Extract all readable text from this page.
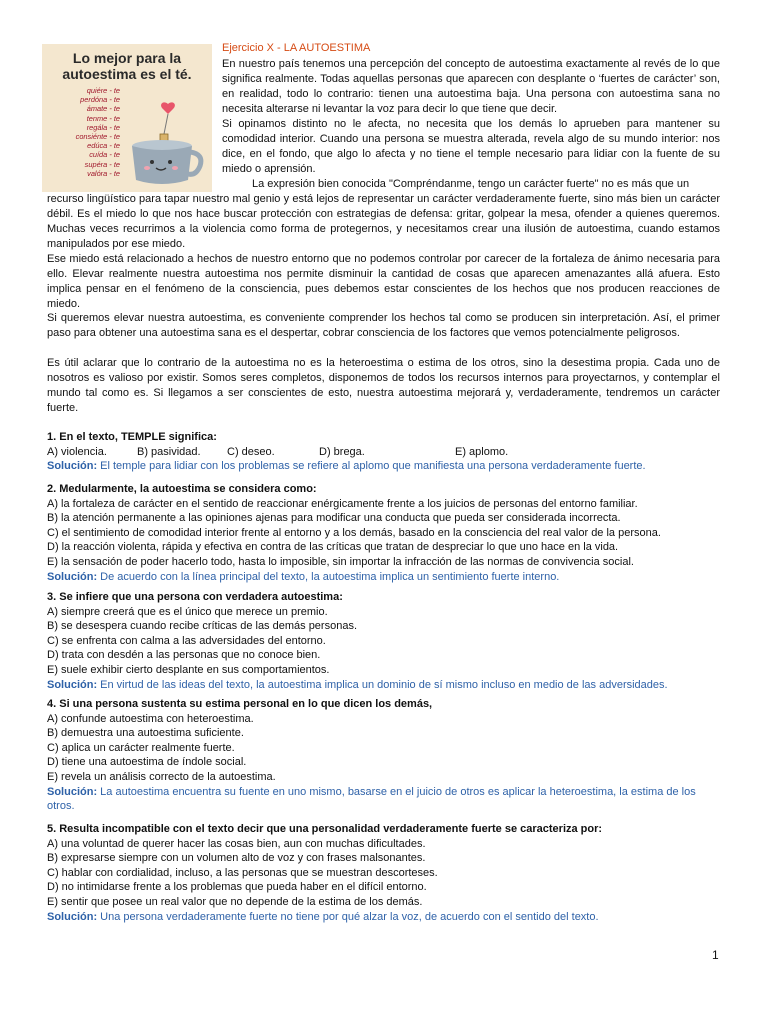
Lo mejor para la autoestima es el té.
quiére - te
perdóna - te
ámate - te
tenme - te
regála - te
consiénte - te
edúca - te
cuída - te
supéra - te
valóra - te
Ejercicio X - LA AUTOESTIMA
En nuestro país tenemos una percepción del concepto de autoestima exactamente al revés de lo que significa realmente. Todas aquellas personas que aparecen con desplante o ‘fuertes de carácter’ son, en realidad, todo lo contrario: tienen una autoestima baja. Una persona con autoestima sana no necesita alterarse ni levantar la voz para decir lo que tiene que decir.
Si opinamos distinto no le afecta, no necesita que los demás lo aprueben para mantener su comodidad interior. Cuando una persona se muestra alterada, revela algo de su mundo interior: nos dice, en el fondo, que algo lo afecta y no tiene el temple necesario para lidiar con la fuente de su miedo o aprensión.
La expresión bien conocida "Compréndanme, tengo un carácter fuerte" no es más que un
recurso lingüístico para tapar nuestro mal genio y está lejos de representar un carácter verdaderamente fuerte, sino más bien un carácter débil. Es el miedo lo que nos hace buscar protección con estrategias de defensa: gritar, golpear la mesa, ofender a quienes queremos. Muchas veces recurrimos a la violencia como forma de protegernos, y necesitamos crear una ilusión de autoestima, cuando estamos manipulados por ese miedo.
Ese miedo está relacionado a hechos de nuestro entorno que no podemos controlar por carecer de la fortaleza de ánimo necesaria para ello. Elevar realmente nuestra autoestima nos permite disminuir la cantidad de cosas que aparecen amenazantes allá afuera. Esto implica pensar en el fenómeno de la consciencia, pues debemos estar conscientes de los hechos que nos producen reacciones de miedo.
Si queremos elevar nuestra autoestima, es conveniente comprender los hechos tal como se producen sin interpretación. Así, el primer paso para obtener una autoestima sana es el despertar, cobrar consciencia de los factores que vemos potencialmente peligrosos.
Es útil aclarar que lo contrario de la autoestima no es la heteroestima o estima de los otros, sino la desestima propia. Cada uno de nosotros es valioso por existir. Somos seres completos, disponemos de todos los recursos internos para proyectarnos, y contemplar el mundo tal como es. Si llegamos a ser conscientes de esto, nuestra autoestima mejorará y, verdaderamente, tendremos un carácter fuerte.
1. En el texto, TEMPLE significa:
A) violencia.	B) pasividad. C) deseo.	D) brega.	E) aplomo.
Solución: El temple para lidiar con los problemas se refiere al aplomo que manifiesta una persona verdaderamente fuerte.
2. Medularmente, la autoestima se considera como:
A) la fortaleza de carácter en el sentido de reaccionar enérgicamente frente a los juicios de personas del entorno familiar.
B) la atención permanente a las opiniones ajenas para modificar una conducta que pueda ser considerada incorrecta.
C) el sentimiento de comodidad interior frente al entorno y a los demás, basado en la consciencia del real valor de la persona.
D) la reacción violenta, rápida y efectiva en contra de las críticas que tratan de despreciar lo que uno hace en la vida.
E) la sensación de poder hacerlo todo, hasta lo imposible, sin importar la infracción de las normas de convivencia social.
Solución: De acuerdo con la línea principal del texto, la autoestima implica un sentimiento fuerte interno.
3. Se infiere que una persona con verdadera autoestima:
A) siempre creerá que es el único que merece un premio.
B) se desespera cuando recibe críticas de las demás personas.
C) se enfrenta con calma a las adversidades del entorno.
D) trata con desdén a las personas que no conoce bien.
E) suele exhibir cierto desplante en sus comportamientos.
Solución: En virtud de las ideas del texto, la autoestima implica un dominio de sí mismo incluso en medio de las adversidades.
4. Si una persona sustenta su estima personal en lo que dicen los demás,
A) confunde autoestima con heteroestima.
B) demuestra una autoestima suficiente.
C) aplica un carácter realmente fuerte.
D) tiene una autoestima de índole social.
E) revela un análisis correcto de la autoestima.
Solución: La autoestima encuentra su fuente en uno mismo, basarse en el juicio de otros es aplicar la heteroestima, la estima de los otros.
5. Resulta incompatible con el texto decir que una personalidad verdaderamente fuerte se caracteriza por:
A) una voluntad de querer hacer las cosas bien, aun con muchas dificultades.
B) expresarse siempre con un volumen alto de voz y con frases malsonantes.
C) hablar con cordialidad, incluso, a las personas que se muestran descorteses.
D) no intimidarse frente a los problemas que pueda haber en el difícil entorno.
E) sentir que posee un real valor que no depende de la estima de los demás.
Solución: Una persona verdaderamente fuerte no tiene por qué alzar la voz, de acuerdo con el sentido del texto.
1
